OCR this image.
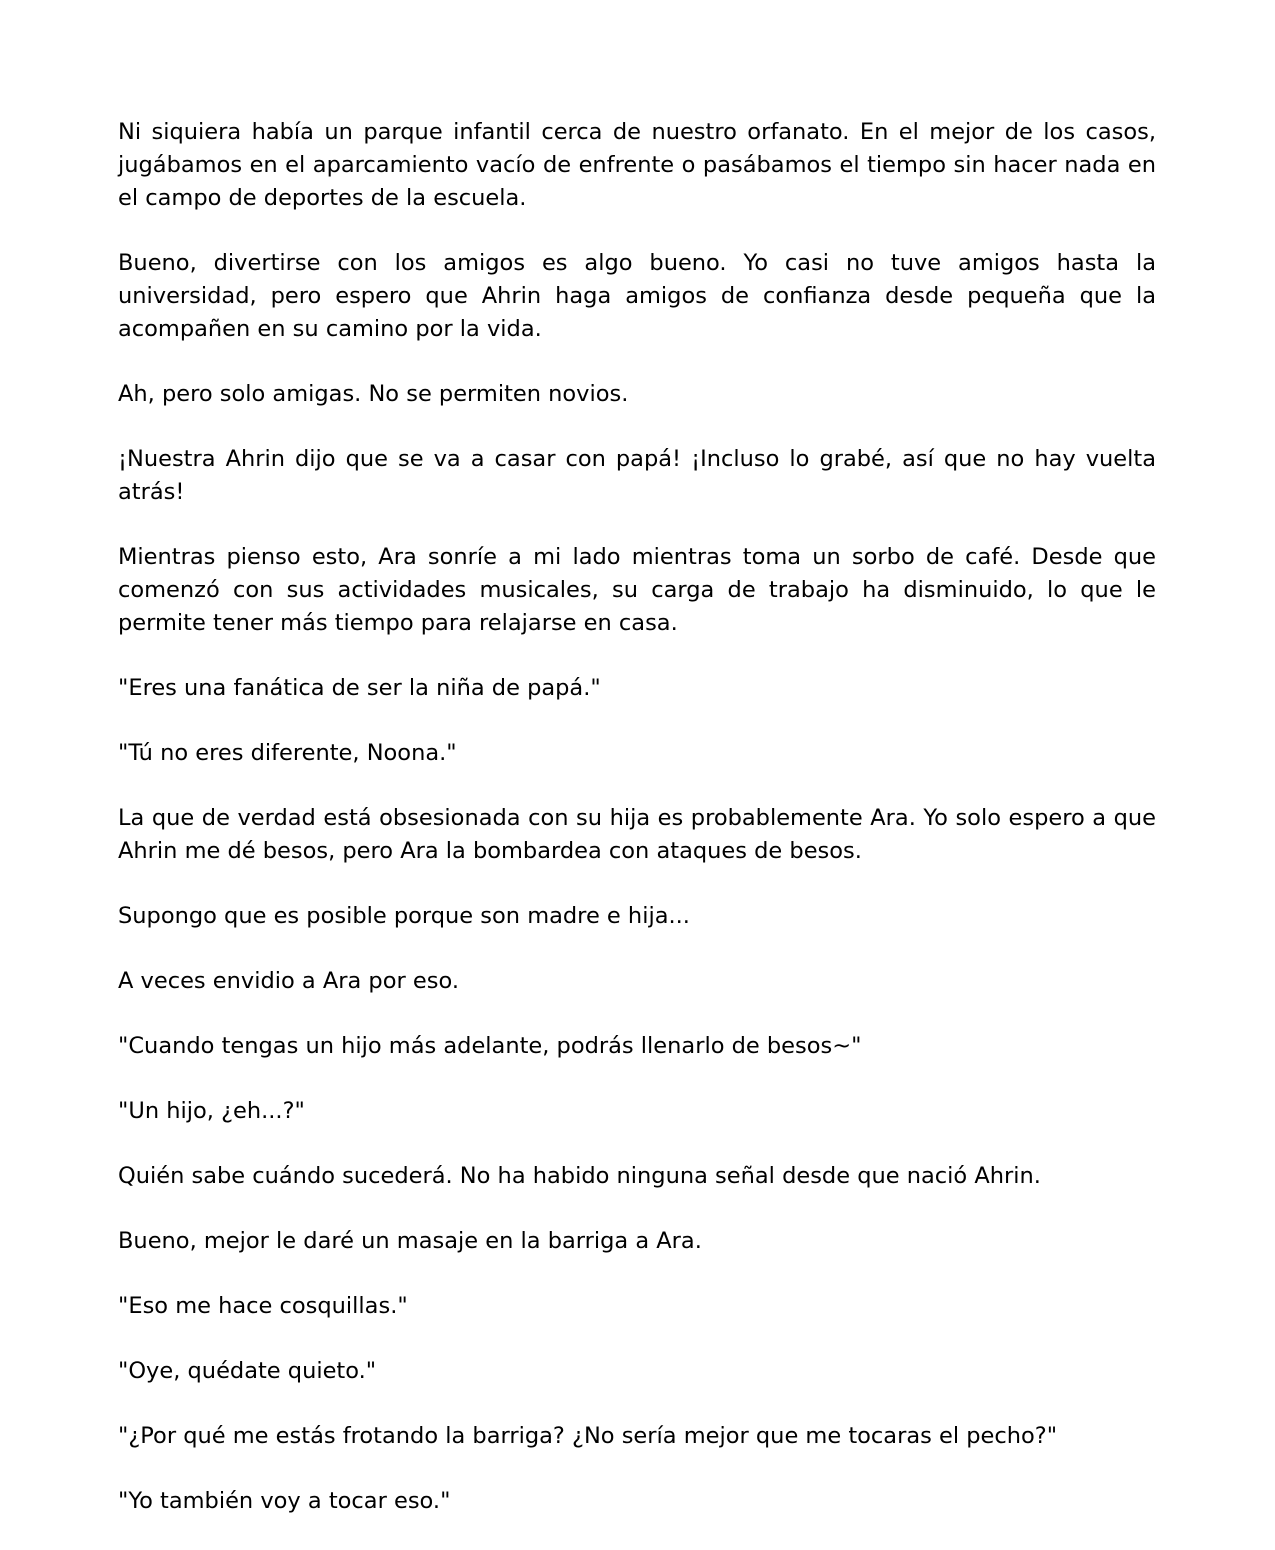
Ni siquiera había un parque infantil cerca de nuestro orfanato. En el mejor de los casos, jugábamos en el aparcamiento vacío de enfrente o pasábamos el tiempo sin hacer nada en el campo de deportes de la escuela.

Bueno, divertirse con los amigos es algo bueno. Yo casi no tuve amigos hasta la universidad, pero espero que Ahrin haga amigos de confianza desde pequeña que la acompañen en su camino por la vida.

Ah, pero solo amigas. No se permiten novios.

¡Nuestra Ahrin dijo que se va a casar con papá! ¡Incluso lo grabé, así que no hay vuelta atrás!

Mientras pienso esto, Ara sonríe a mi lado mientras toma un sorbo de café. Desde que comenzó con sus actividades musicales, su carga de trabajo ha disminuido, lo que le permite tener más tiempo para relajarse en casa.

"Eres una fanática de ser la niña de papá."

"Tú no eres diferente, Noona."

La que de verdad está obsesionada con su hija es probablemente Ara. Yo solo espero a que Ahrin me dé besos, pero Ara la bombardea con ataques de besos.

Supongo que es posible porque son madre e hija...

A veces envidio a Ara por eso.

"Cuando tengas un hijo más adelante, podrás llenarlo de besos~"

"Un hijo, ¿eh...?"

Quién sabe cuándo sucederá. No ha habido ninguna señal desde que nació Ahrin.

Bueno, mejor le daré un masaje en la barriga a Ara.

"Eso me hace cosquillas."

"Oye, quédate quieto."

"¿Por qué me estás frotando la barriga? ¿No sería mejor que me tocaras el pecho?"

"Yo también voy a tocar eso."
